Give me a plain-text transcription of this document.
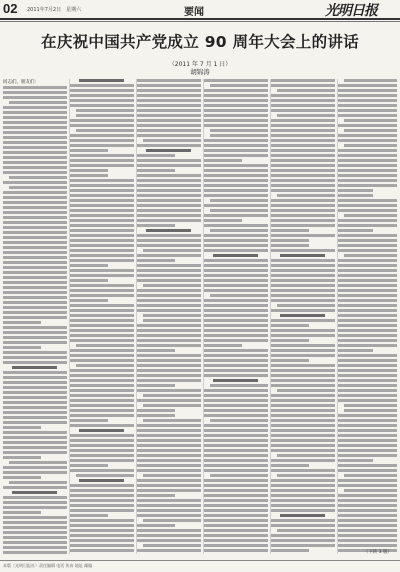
02 2011年7月2日　星期六	要闻	光明日报
在庆祝中国共产党成立 90 周年大会上的讲话
（2011 年 7 月 1 日）
胡锦涛
同志们，朋友们：
（下转 3 版）
本版（光明日报社）责任编辑 电话 传真 地址 邮编
